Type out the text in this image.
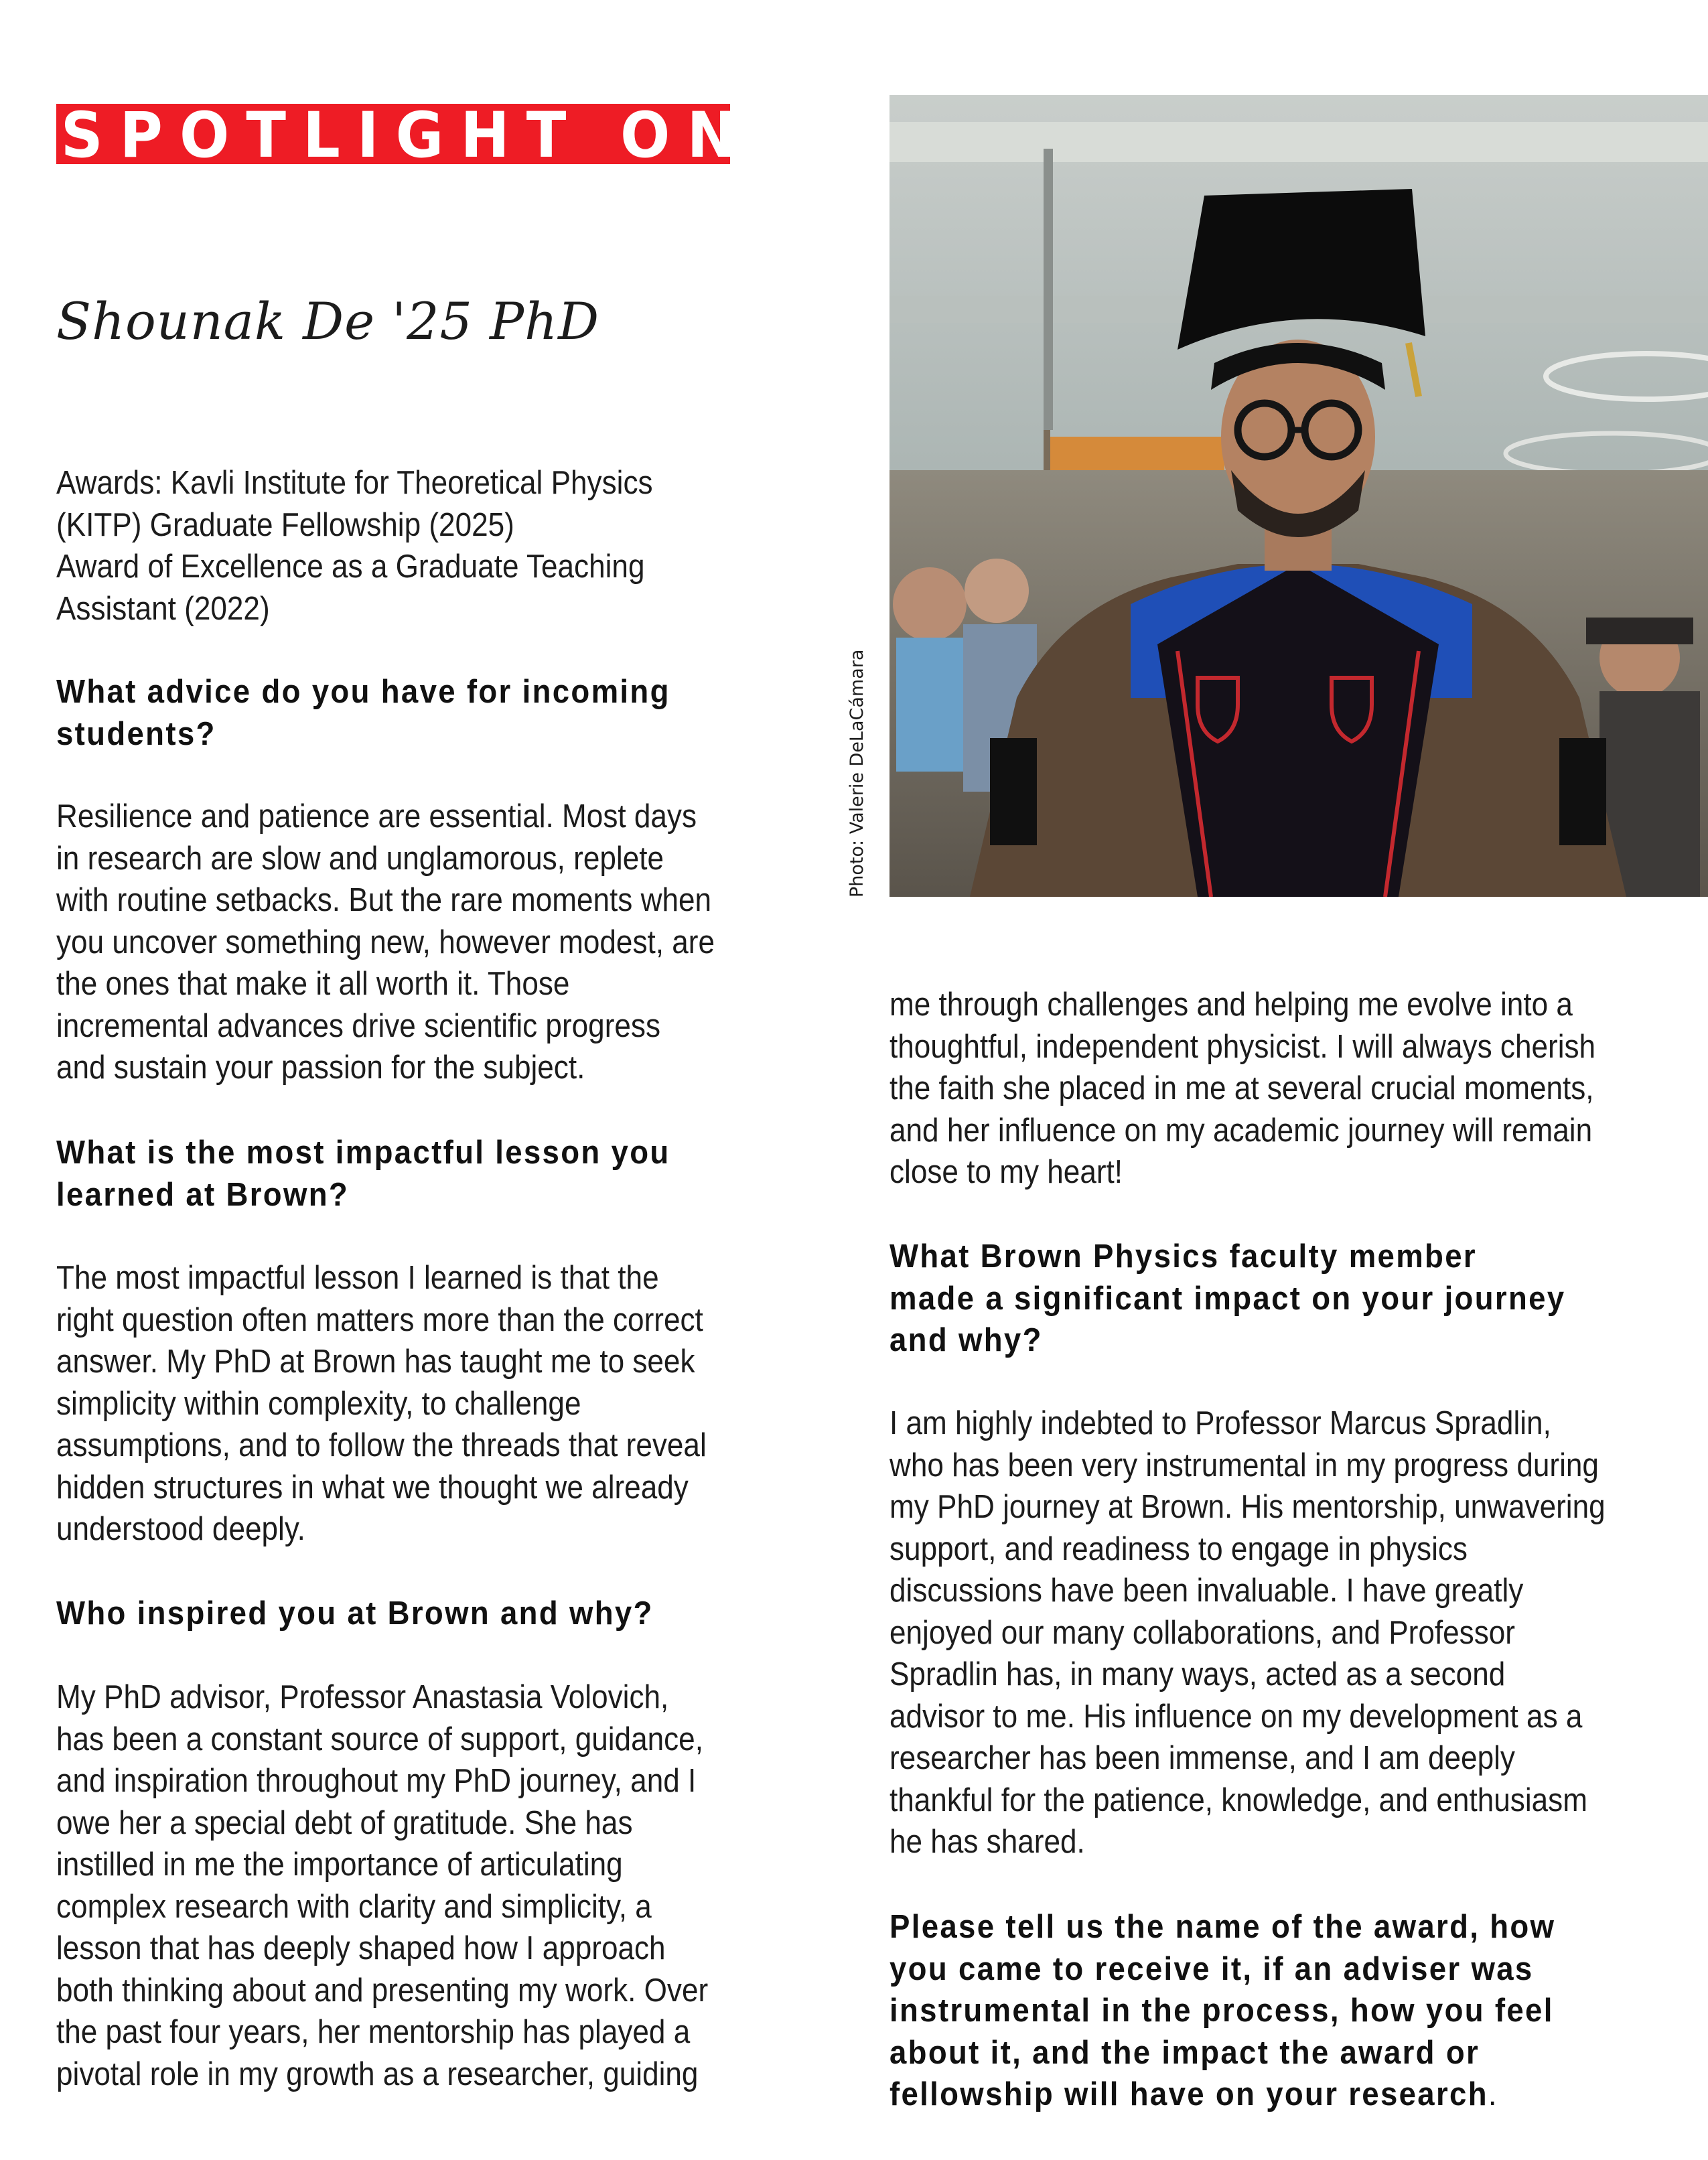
SPOTLIGHT ON
Shounak De '25 PhD

Awards: Kavli Institute for Theoretical Physics
(KITP) Graduate Fellowship (2025)
Award of Excellence as a Graduate Teaching
Assistant (2022)

What advice do you have for incoming
students?

Resilience and patience are essential. Most days
in research are slow and unglamorous, replete
with routine setbacks. But the rare moments when
you uncover something new, however modest, are
the ones that make it all worth it. Those
incremental advances drive scientific progress
and sustain your passion for the subject.

What is the most impactful lesson you
learned at Brown?

The most impactful lesson I learned is that the
right question often matters more than the correct
answer. My PhD at Brown has taught me to seek
simplicity within complexity, to challenge
assumptions, and to follow the threads that reveal
hidden structures in what we thought we already
understood deeply.

Who inspired you at Brown and why?

My PhD advisor, Professor Anastasia Volovich,
has been a constant source of support, guidance,
and inspiration throughout my PhD journey, and I
owe her a special debt of gratitude. She has
instilled in me the importance of articulating
complex research with clarity and simplicity, a
lesson that has deeply shaped how I approach
both thinking about and presenting my work. Over
the past four years, her mentorship has played a
pivotal role in my growth as a researcher, guiding

Photo: Valerie DeLaCámara

me through challenges and helping me evolve into a
thoughtful, independent physicist. I will always cherish
the faith she placed in me at several crucial moments,
and her influence on my academic journey will remain
close to my heart!

What Brown Physics faculty member
made a significant impact on your journey
and why?

I am highly indebted to Professor Marcus Spradlin,
who has been very instrumental in my progress during
my PhD journey at Brown. His mentorship, unwavering
support, and readiness to engage in physics
discussions have been invaluable. I have greatly
enjoyed our many collaborations, and Professor
Spradlin has, in many ways, acted as a second
advisor to me. His influence on my development as a
researcher has been immense, and I am deeply
thankful for the patience, knowledge, and enthusiasm
he has shared.

Please tell us the name of the award, how
you came to receive it, if an adviser was
instrumental in the process, how you feel
about it, and the impact the award or
fellowship will have on your research.
